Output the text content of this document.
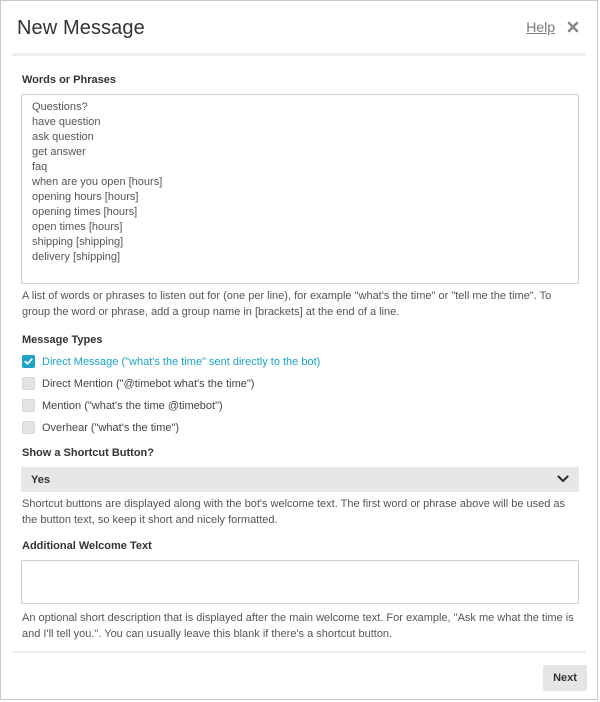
New Message	Help
Words or Phrases
Questions?
have question
ask question
get answer
faq
when are you open [hours]
opening hours [hours]
opening times [hours]
open times [hours]
shipping [shipping]
delivery [shipping]
A list of words or phrases to listen out for (one per line), for example "what's the time" or "tell me the time". To group the word or phrase, add a group name in [brackets] at the end of a line.
Message Types
Direct Message ("what's the time" sent directly to the bot)
Direct Mention ("@timebot what's the time")
Mention ("what's the time @timebot")
Overhear ("what's the time")
Show a Shortcut Button?
Yes
Shortcut buttons are displayed along with the bot's welcome text. The first word or phrase above will be used as the button text, so keep it short and nicely formatted.
Additional Welcome Text
An optional short description that is displayed after the main welcome text. For example, "Ask me what the time is and I'll tell you.". You can usually leave this blank if there's a shortcut button.
Next
